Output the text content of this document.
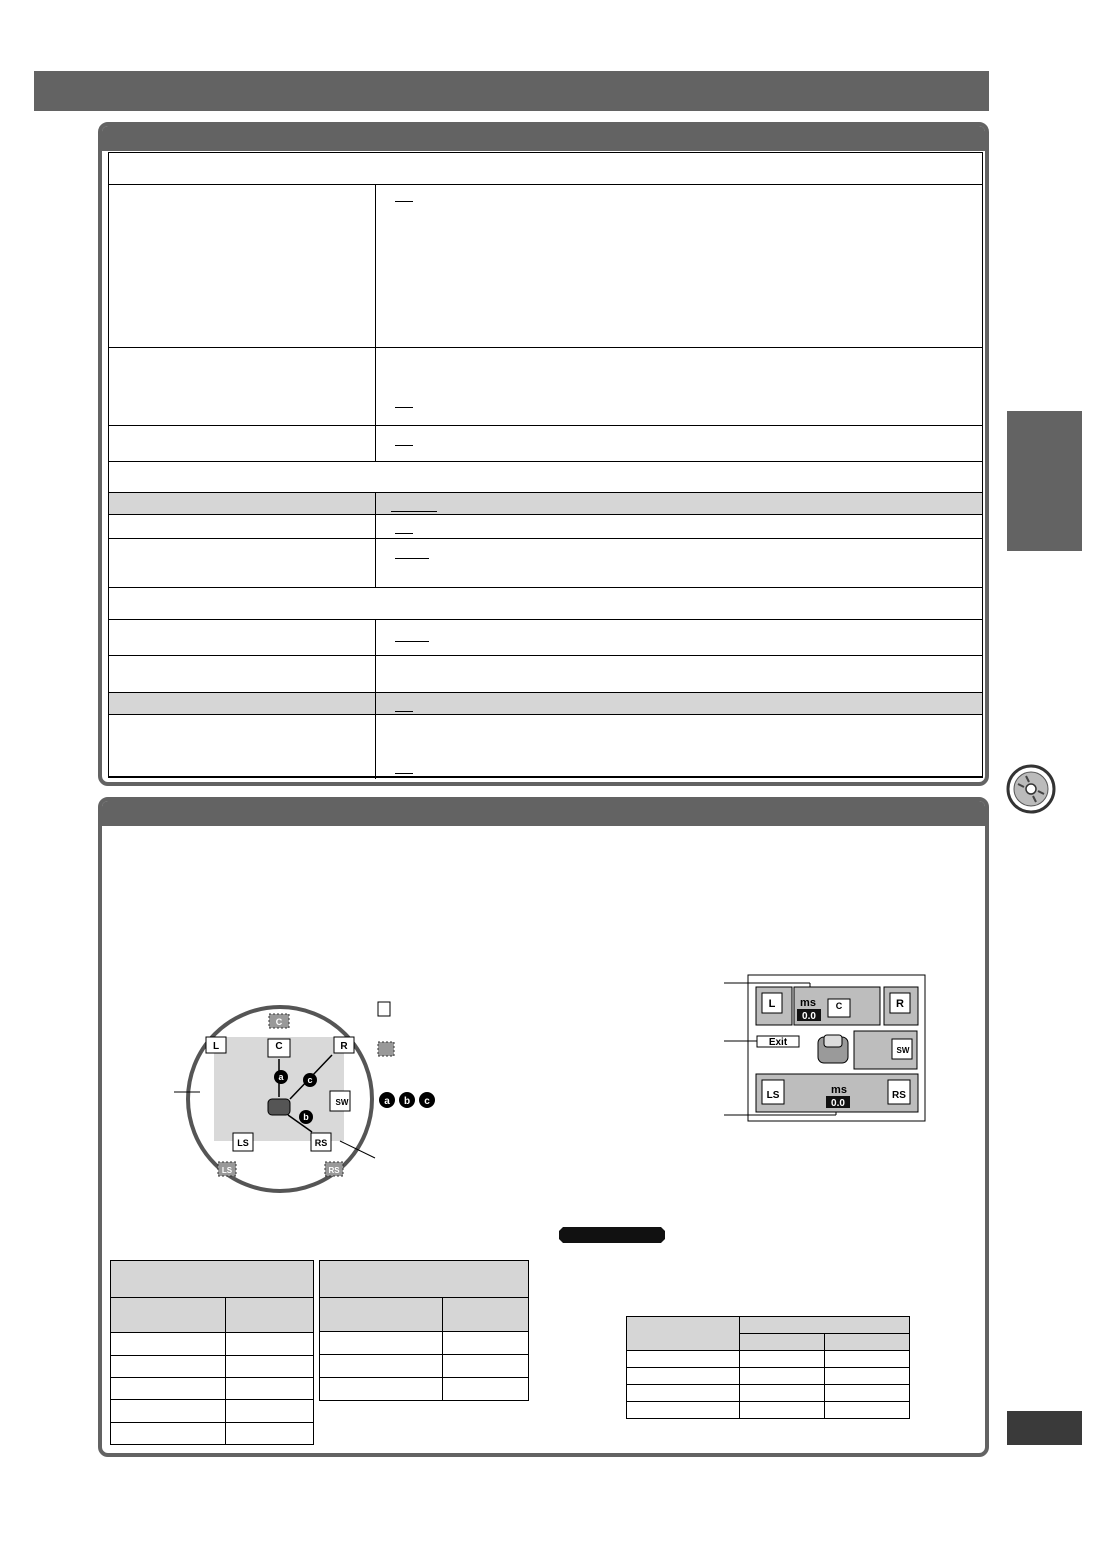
C
L	C	R
SW
a
b
c
LS	RS
LS	RS
a b c
L ms
0.0
C	R
Exit
SW
LS	RS
ms
0.0
